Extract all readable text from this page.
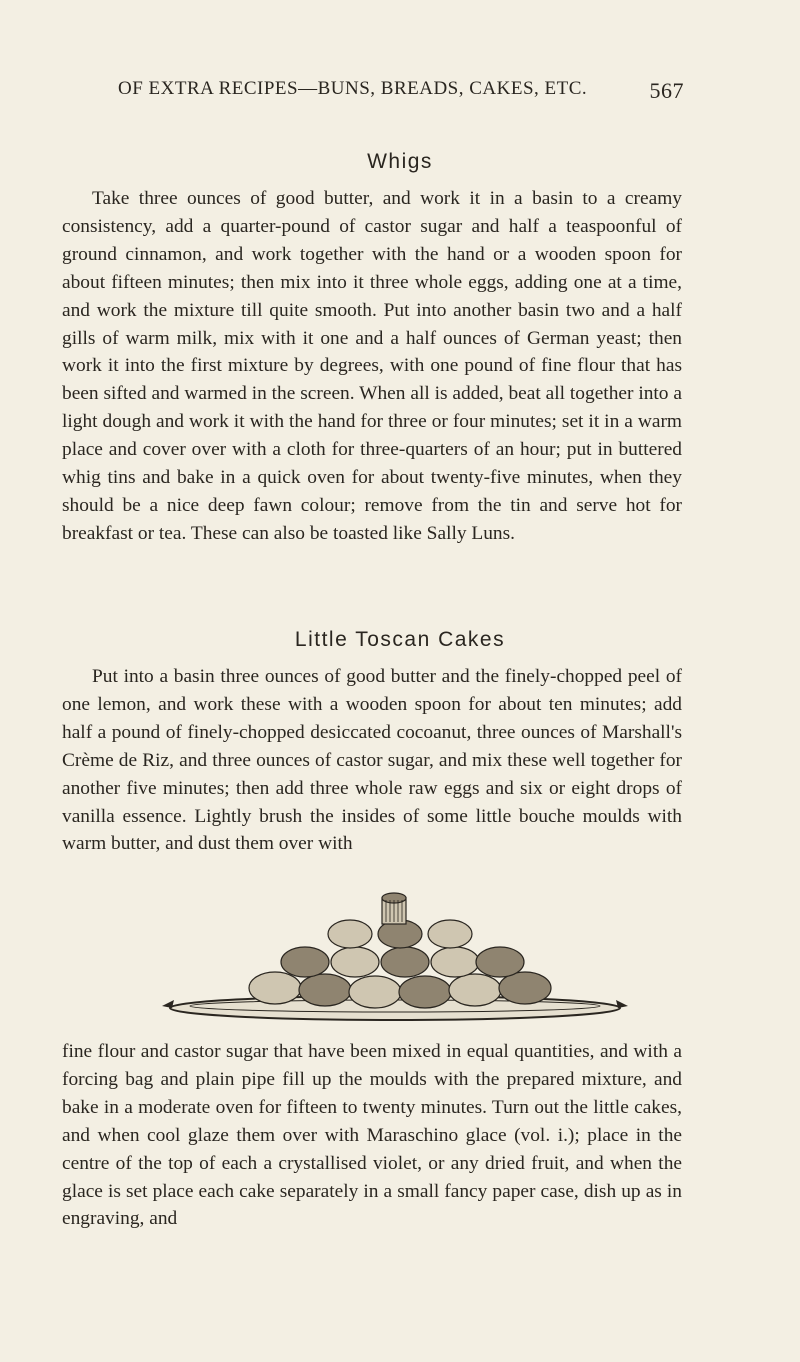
OF EXTRA RECIPES—BUNS, BREADS, CAKES, ETC.	567
Whigs

Take three ounces of good butter, and work it in a basin to a creamy consistency, add a quarter-pound of castor sugar and half a teaspoonful of ground cinnamon, and work together with the hand or a wooden spoon for about fifteen minutes; then mix into it three whole eggs, adding one at a time, and work the mixture till quite smooth. Put into another basin two and a half gills of warm milk, mix with it one and a half ounces of German yeast; then work it into the first mixture by degrees, with one pound of fine flour that has been sifted and warmed in the screen. When all is added, beat all together into a light dough and work it with the hand for three or four minutes; set it in a warm place and cover over with a cloth for three-quarters of an hour; put in buttered whig tins and bake in a quick oven for about twenty-five minutes, when they should be a nice deep fawn colour; remove from the tin and serve hot for breakfast or tea. These can also be toasted like Sally Luns.

Little Toscan Cakes

Put into a basin three ounces of good butter and the finely-chopped peel of one lemon, and work these with a wooden spoon for about ten minutes; add half a pound of finely-chopped desiccated cocoanut, three ounces of Marshall's Crème de Riz, and three ounces of castor sugar, and mix these well together for another five minutes; then add three whole raw eggs and six or eight drops of vanilla essence. Lightly brush the insides of some little bouche moulds with warm butter, and dust them over with

fine flour and castor sugar that have been mixed in equal quantities, and with a forcing bag and plain pipe fill up the moulds with the prepared mixture, and bake in a moderate oven for fifteen to twenty minutes. Turn out the little cakes, and when cool glaze them over with Maraschino glace (vol. i.); place in the centre of the top of each a crystallised violet, or any dried fruit, and when the glace is set place each cake separately in a small fancy paper case, dish up as in engraving, and
